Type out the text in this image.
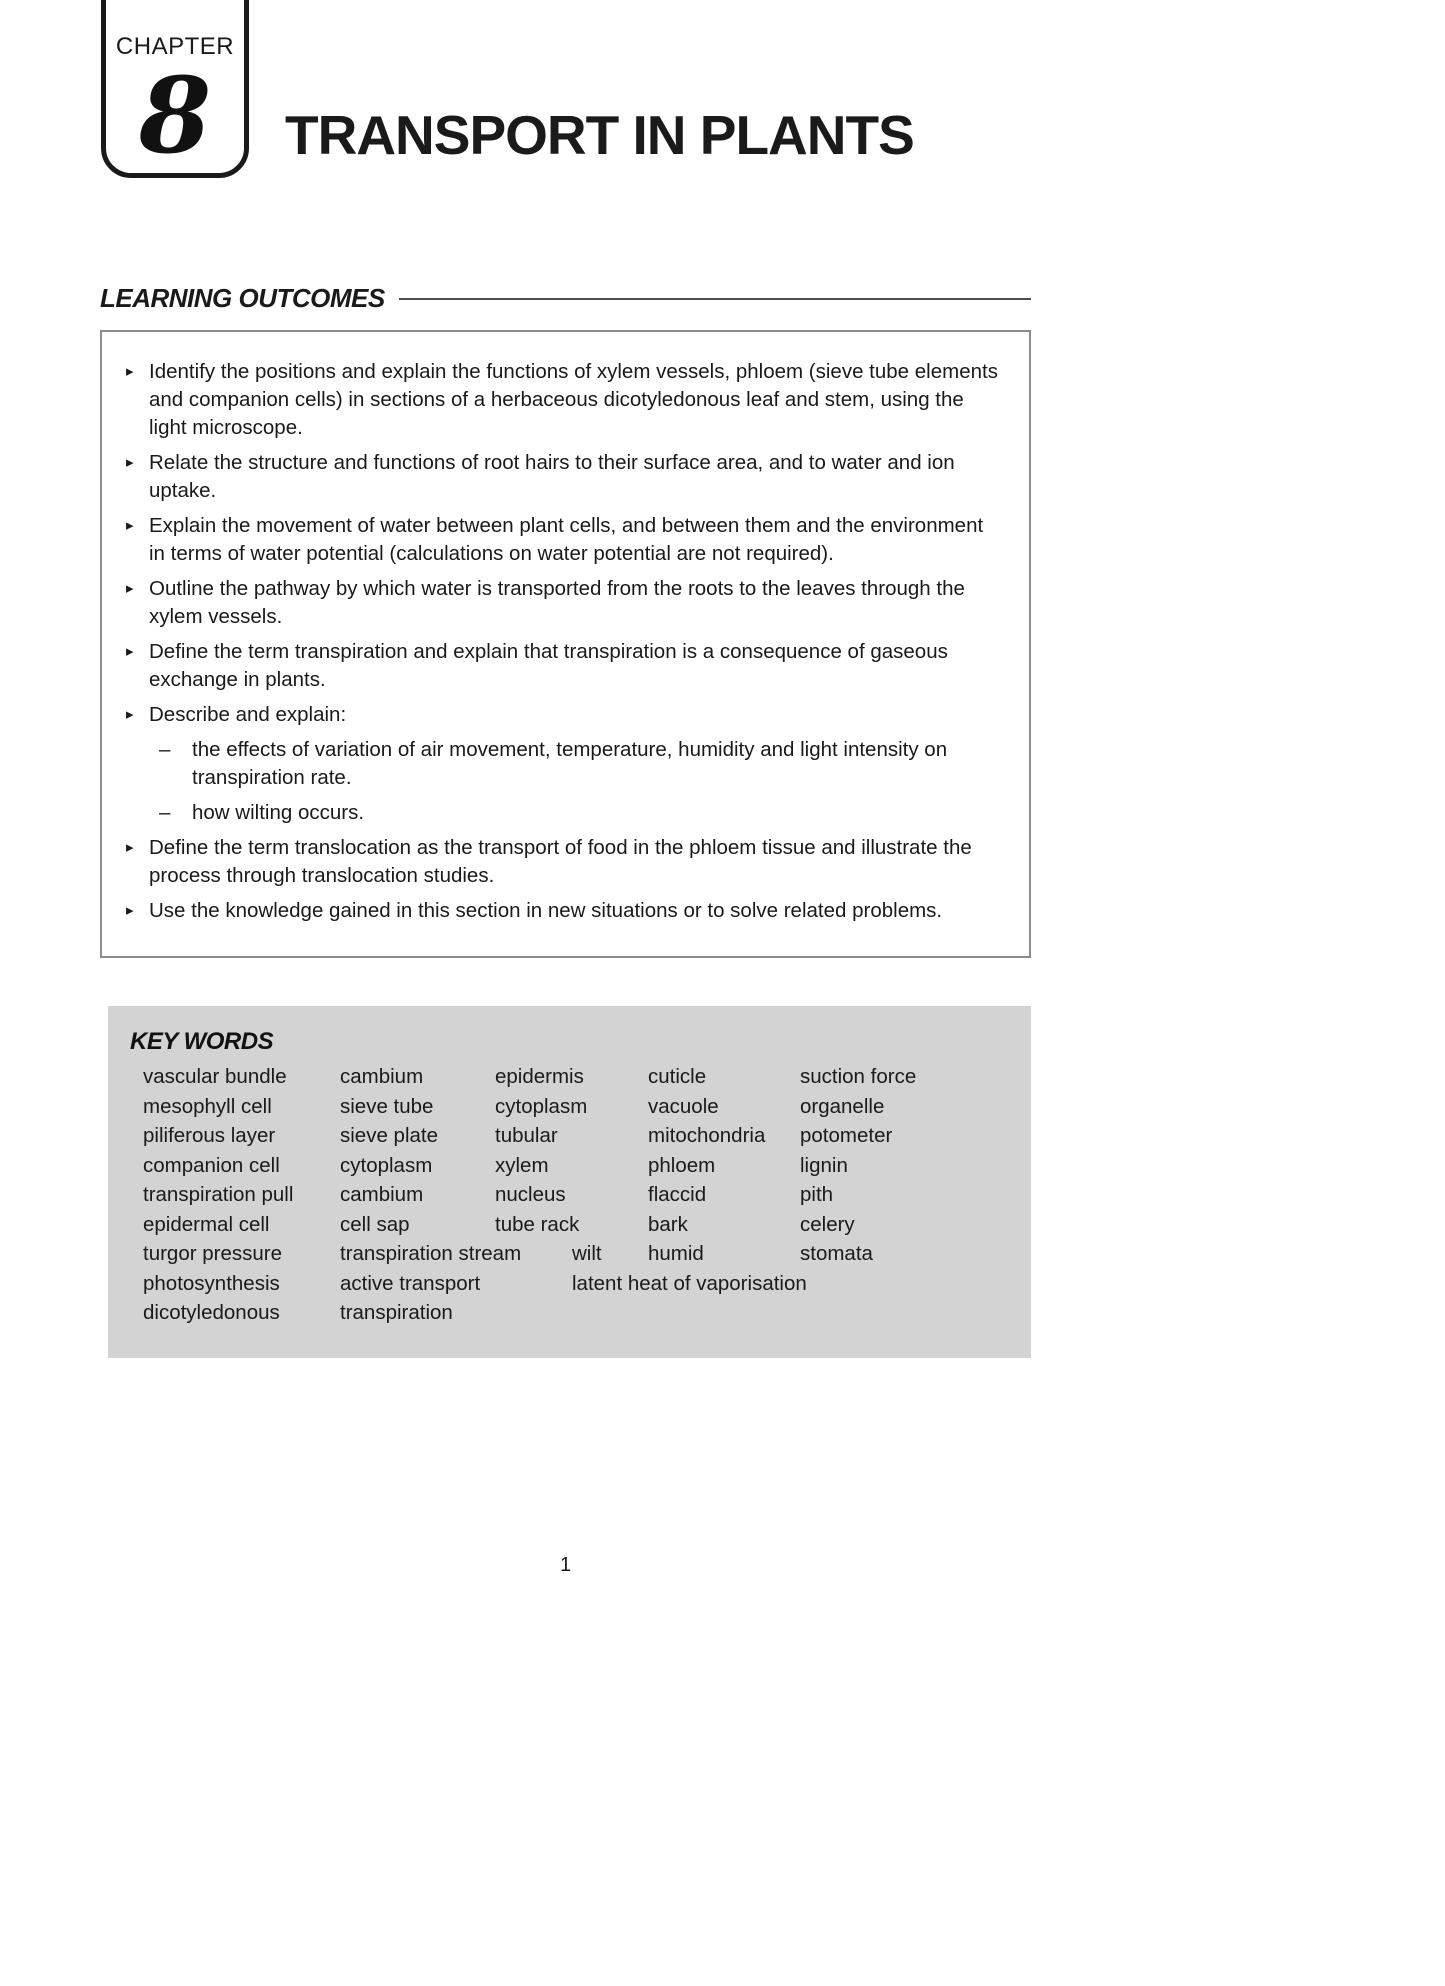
CHAPTER
8	TRANSPORT IN PLANTS
LEARNING OUTCOMES
▸ Identify the positions and explain the functions of xylem vessels, phloem (sieve tube elements and companion cells) in sections of a herbaceous dicotyledonous leaf and stem, using the light microscope.
▸ Relate the structure and functions of root hairs to their surface area, and to water and ion uptake.
▸ Explain the movement of water between plant cells, and between them and the environment in terms of water potential (calculations on water potential are not required).
▸ Outline the pathway by which water is transported from the roots to the leaves through the xylem vessels.
▸ Define the term transpiration and explain that transpiration is a consequence of gaseous exchange in plants.
▸ Describe and explain:
–	the effects of variation of air movement, temperature, humidity and light intensity on transpiration rate.
–	how wilting occurs.
▸ Define the term translocation as the transport of food in the phloem tissue and illustrate the process through translocation studies.
▸ Use the knowledge gained in this section in new situations or to solve related problems.
KEY WORDS
vascular bundle	cambium	epidermis	cuticle	suction force
mesophyll cell	sieve tube	cytoplasm	vacuole	organelle
piliferous layer	sieve plate	tubular	mitochondria	potometer
companion cell	cytoplasm	xylem	phloem	lignin
transpiration pull	cambium	nucleus	flaccid	pith
epidermal cell	cell sap	tube rack	bark	celery
turgor pressure	transpiration stream	wilt	humid	stomata
photosynthesis	active transport	latent heat of vaporisation
dicotyledonous	transpiration
1
